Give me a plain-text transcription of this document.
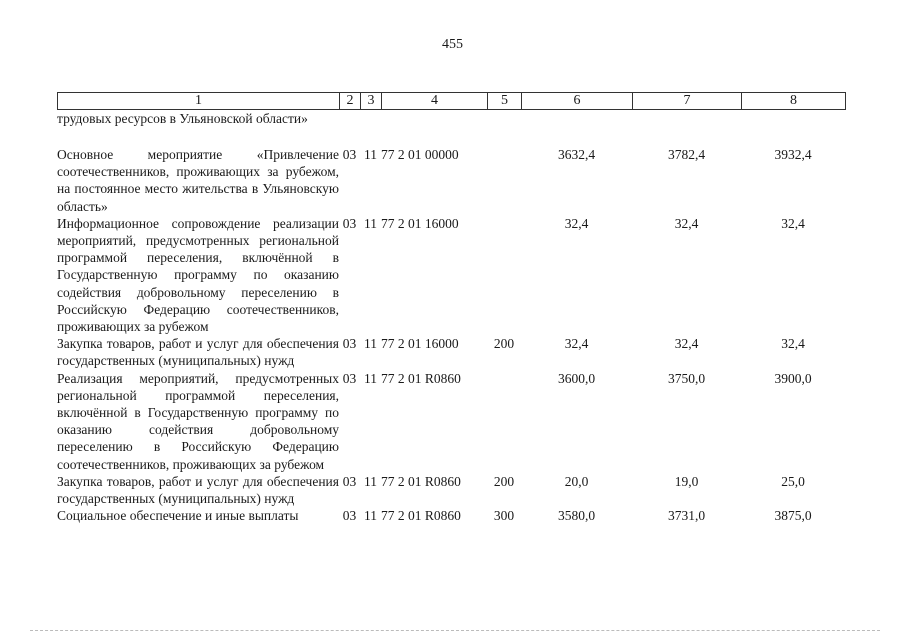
455
1	2	3	4	5	6	7	8
трудовых ресурсов в Ульяновской области»							
Основное мероприятие «Привлечение соотечественников, проживающих за рубежом, на постоянное место жительства в Ульяновскую область»	03	11	77 2 01 00000		3632,4	3782,4	3932,4
Информационное сопровождение реализации мероприятий, предусмотренных региональной программой переселения, включённой в Государственную программу по оказанию содействия добровольному переселению в Российскую Федерацию соотечественников, проживающих за рубежом	03	11	77 2 01 16000		32,4	32,4	32,4
Закупка товаров, работ и услуг для обеспечения государственных (муниципальных) нужд	03	11	77 2 01 16000	200	32,4	32,4	32,4
Реализация мероприятий, предусмотренных региональной программой переселения, включённой в Государственную программу по оказанию содействия добровольному переселению в Российскую Федерацию соотечественников, проживающих за рубежом	03	11	77 2 01 R0860		3600,0	3750,0	3900,0
Закупка товаров, работ и услуг для обеспечения государственных (муниципальных) нужд	03	11	77 2 01 R0860	200	20,0	19,0	25,0
Социальное обеспечение и иные выплаты	03	11	77 2 01 R0860	300	3580,0	3731,0	3875,0
